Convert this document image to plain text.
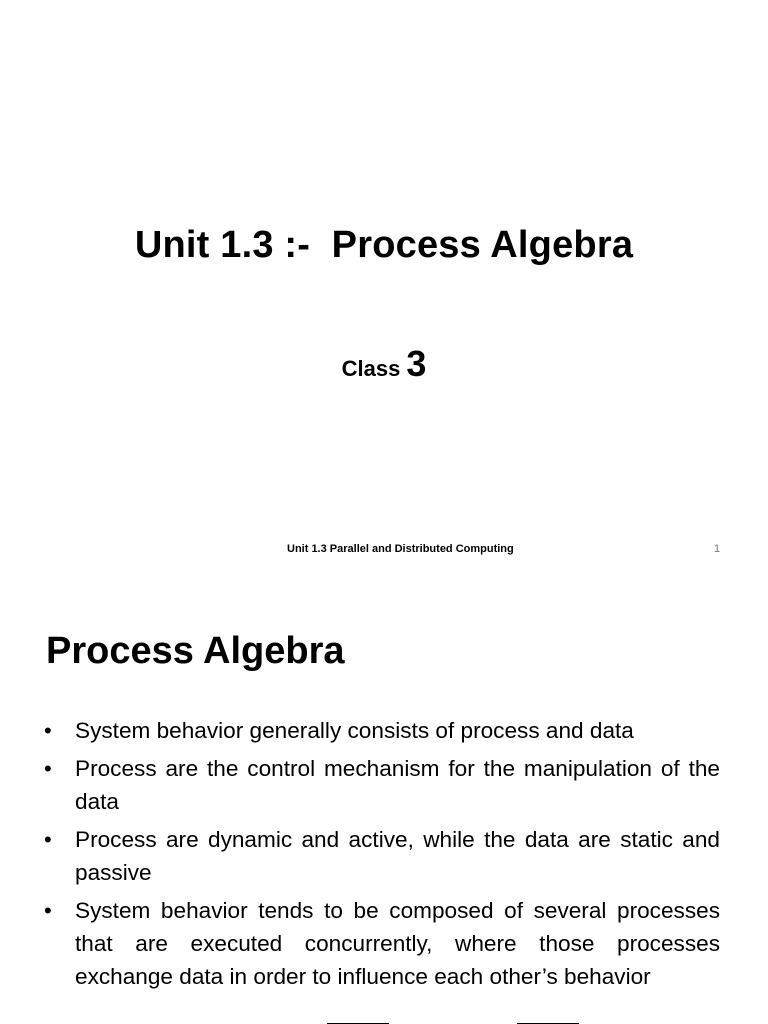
Unit 1.3 :-  Process Algebra
Class 3
Unit 1.3 Parallel and Distributed Computing	1
Process Algebra
• System behavior generally consists of process and data
• Process are the control mechanism for the manipulation of the data
• Process are dynamic and active, while the data are static and passive
• System behavior tends to be composed of several processes that are executed concurrently, where those processes exchange data in order to influence each other’s behavior
